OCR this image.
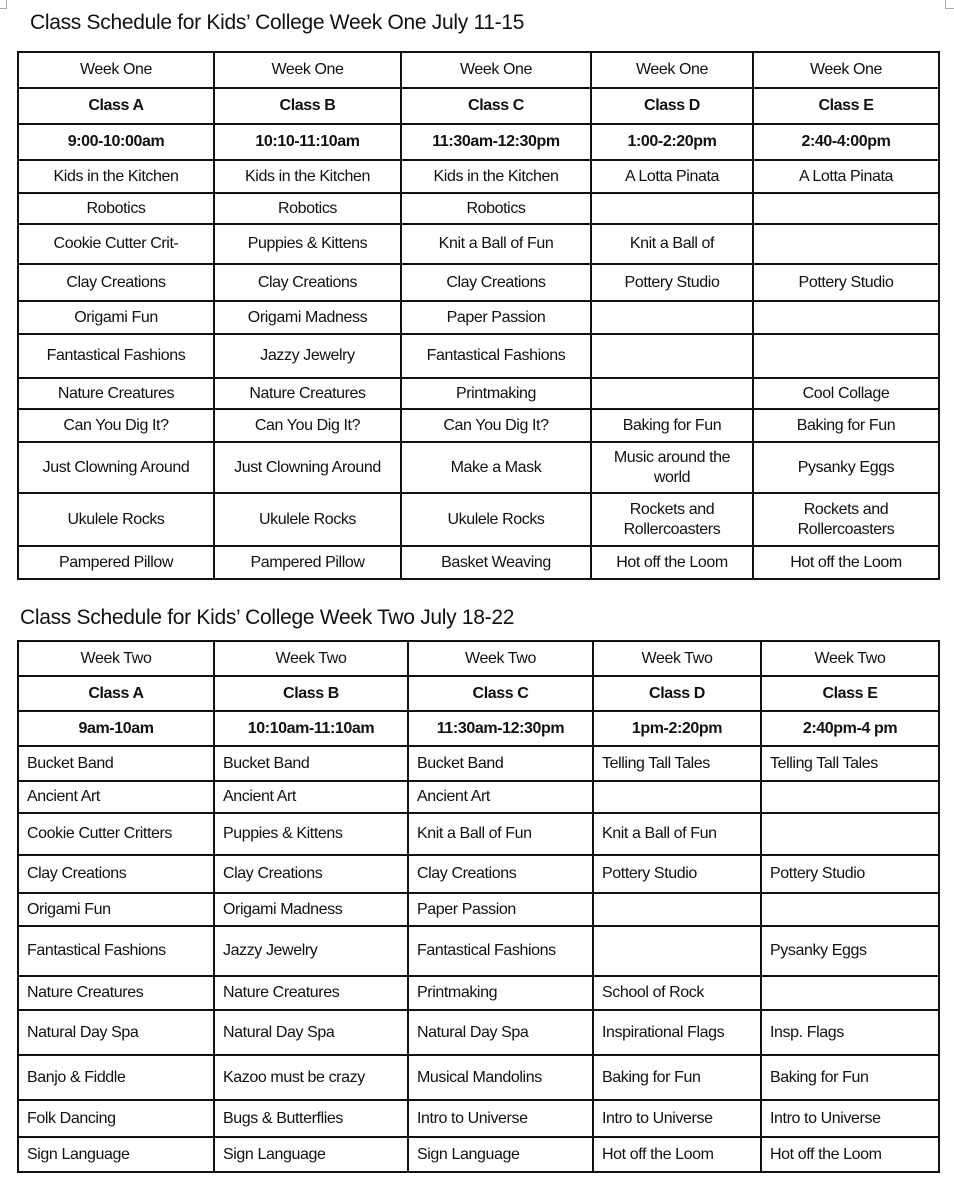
Class Schedule for Kids’ College Week One July 11-15
Week One	Week One	Week One	Week One	Week One
Class A	Class B	Class C	Class D	Class E
9:00-10:00am	10:10-11:10am	11:30am-12:30pm	1:00-2:20pm	2:40-4:00pm
Kids in the Kitchen	Kids in the Kitchen	Kids in the Kitchen	A Lotta Pinata	A Lotta Pinata
Robotics	Robotics	Robotics		
Cookie Cutter Crit-	Puppies & Kittens	Knit a Ball of Fun	Knit a Ball of	
Clay Creations	Clay Creations	Clay Creations	Pottery Studio	Pottery Studio
Origami Fun	Origami Madness	Paper Passion		
Fantastical Fashions	Jazzy Jewelry	Fantastical Fashions		
Nature Creatures	Nature Creatures	Printmaking		Cool Collage
Can You Dig It?	Can You Dig It?	Can You Dig It?	Baking for Fun	Baking for Fun
Just Clowning Around	Just Clowning Around	Make a Mask	Music around the world	Pysanky Eggs
Ukulele Rocks	Ukulele Rocks	Ukulele Rocks	Rockets and Rollercoasters	Rockets and Rollercoasters
Pampered Pillow	Pampered Pillow	Basket Weaving	Hot off the Loom	Hot off the Loom
Class Schedule for Kids’ College Week Two July 18-22
Week Two	Week Two	Week Two	Week Two	Week Two
Class A	Class B	Class C	Class D	Class E
9am-10am	10:10am-11:10am	11:30am-12:30pm	1pm-2:20pm	2:40pm-4 pm
Bucket Band	Bucket Band	Bucket Band	Telling Tall Tales	Telling Tall Tales
Ancient Art	Ancient Art	Ancient Art		
Cookie Cutter Critters	Puppies & Kittens	Knit a Ball of Fun	Knit a Ball of Fun	
Clay Creations	Clay Creations	Clay Creations	Pottery Studio	Pottery Studio
Origami Fun	Origami Madness	Paper Passion		
Fantastical Fashions	Jazzy Jewelry	Fantastical Fashions		Pysanky Eggs
Nature Creatures	Nature Creatures	Printmaking	School of Rock	
Natural Day Spa	Natural Day Spa	Natural Day Spa	Inspirational Flags	Insp. Flags
Banjo & Fiddle	Kazoo must be crazy	Musical Mandolins	Baking for Fun	Baking for Fun
Folk Dancing	Bugs & Butterflies	Intro to Universe	Intro to Universe	Intro to Universe
Sign Language	Sign Language	Sign Language	Hot off the Loom	Hot off the Loom
